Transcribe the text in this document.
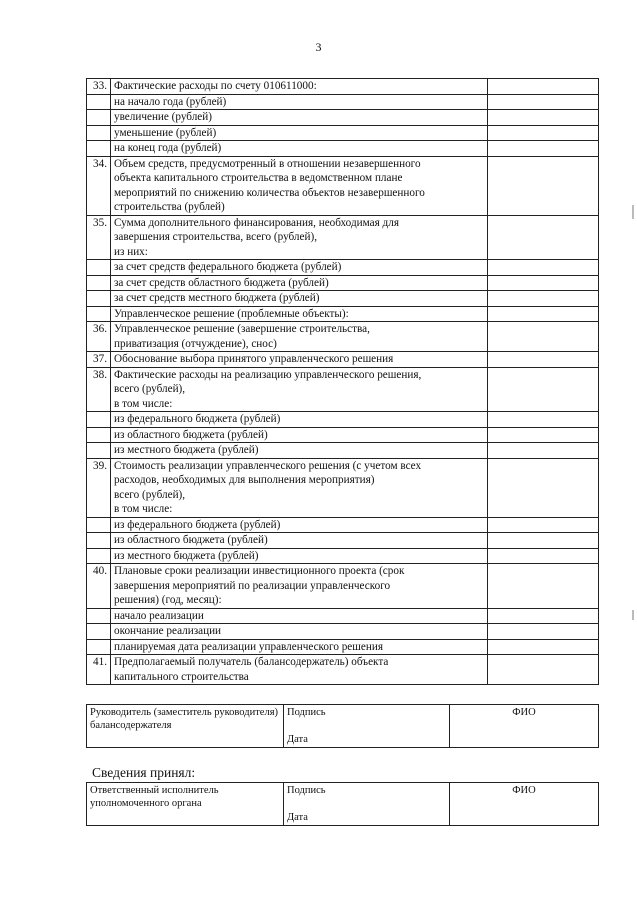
3
33.	Фактические расходы по счету 010611000:	
	на начало года (рублей)	
	увеличение (рублей)	
	уменьшение (рублей)	
	на конец года (рублей)	
34.	Объем средств, предусмотренный в отношении незавершенного
объекта капитального строительства в ведомственном плане
мероприятий по снижению количества объектов незавершенного
строительства (рублей)	
35.	Сумма дополнительного финансирования, необходимая для
завершения строительства, всего (рублей),
из них:	
	за счет средств федерального бюджета (рублей)	
	за счет средств областного бюджета (рублей)	
	за счет средств местного бюджета (рублей)	
	Управленческое решение (проблемные объекты):	
36.	Управленческое решение (завершение строительства,
приватизация (отчуждение), снос)	
37.	Обоснование выбора принятого управленческого решения	
38.	Фактические расходы на реализацию управленческого решения,
всего (рублей),
в том числе:	
	из федерального бюджета (рублей)	
	из областного бюджета (рублей)	
	из местного бюджета (рублей)	
39.	Стоимость реализации управленческого решения (с учетом всех
расходов, необходимых для выполнения мероприятия)
всего (рублей),
в том числе:	
	из федерального бюджета (рублей)	
	из областного бюджета (рублей)	
	из местного бюджета (рублей)	
40.	Плановые сроки реализации инвестиционного проекта (срок
завершения мероприятий по реализации управленческого
решения) (год, месяц):	
	начало реализации	
	окончание реализации	
	планируемая дата реализации управленческого решения	
41.	Предполагаемый получатель (балансодержатель) объекта
капитального строительства	
Руководитель (заместитель руководителя) балансодержателя	Подпись
Дата
	ФИО
Сведения принял:
Ответственный исполнитель уполномоченного органа	Подпись
Дата
	ФИО
